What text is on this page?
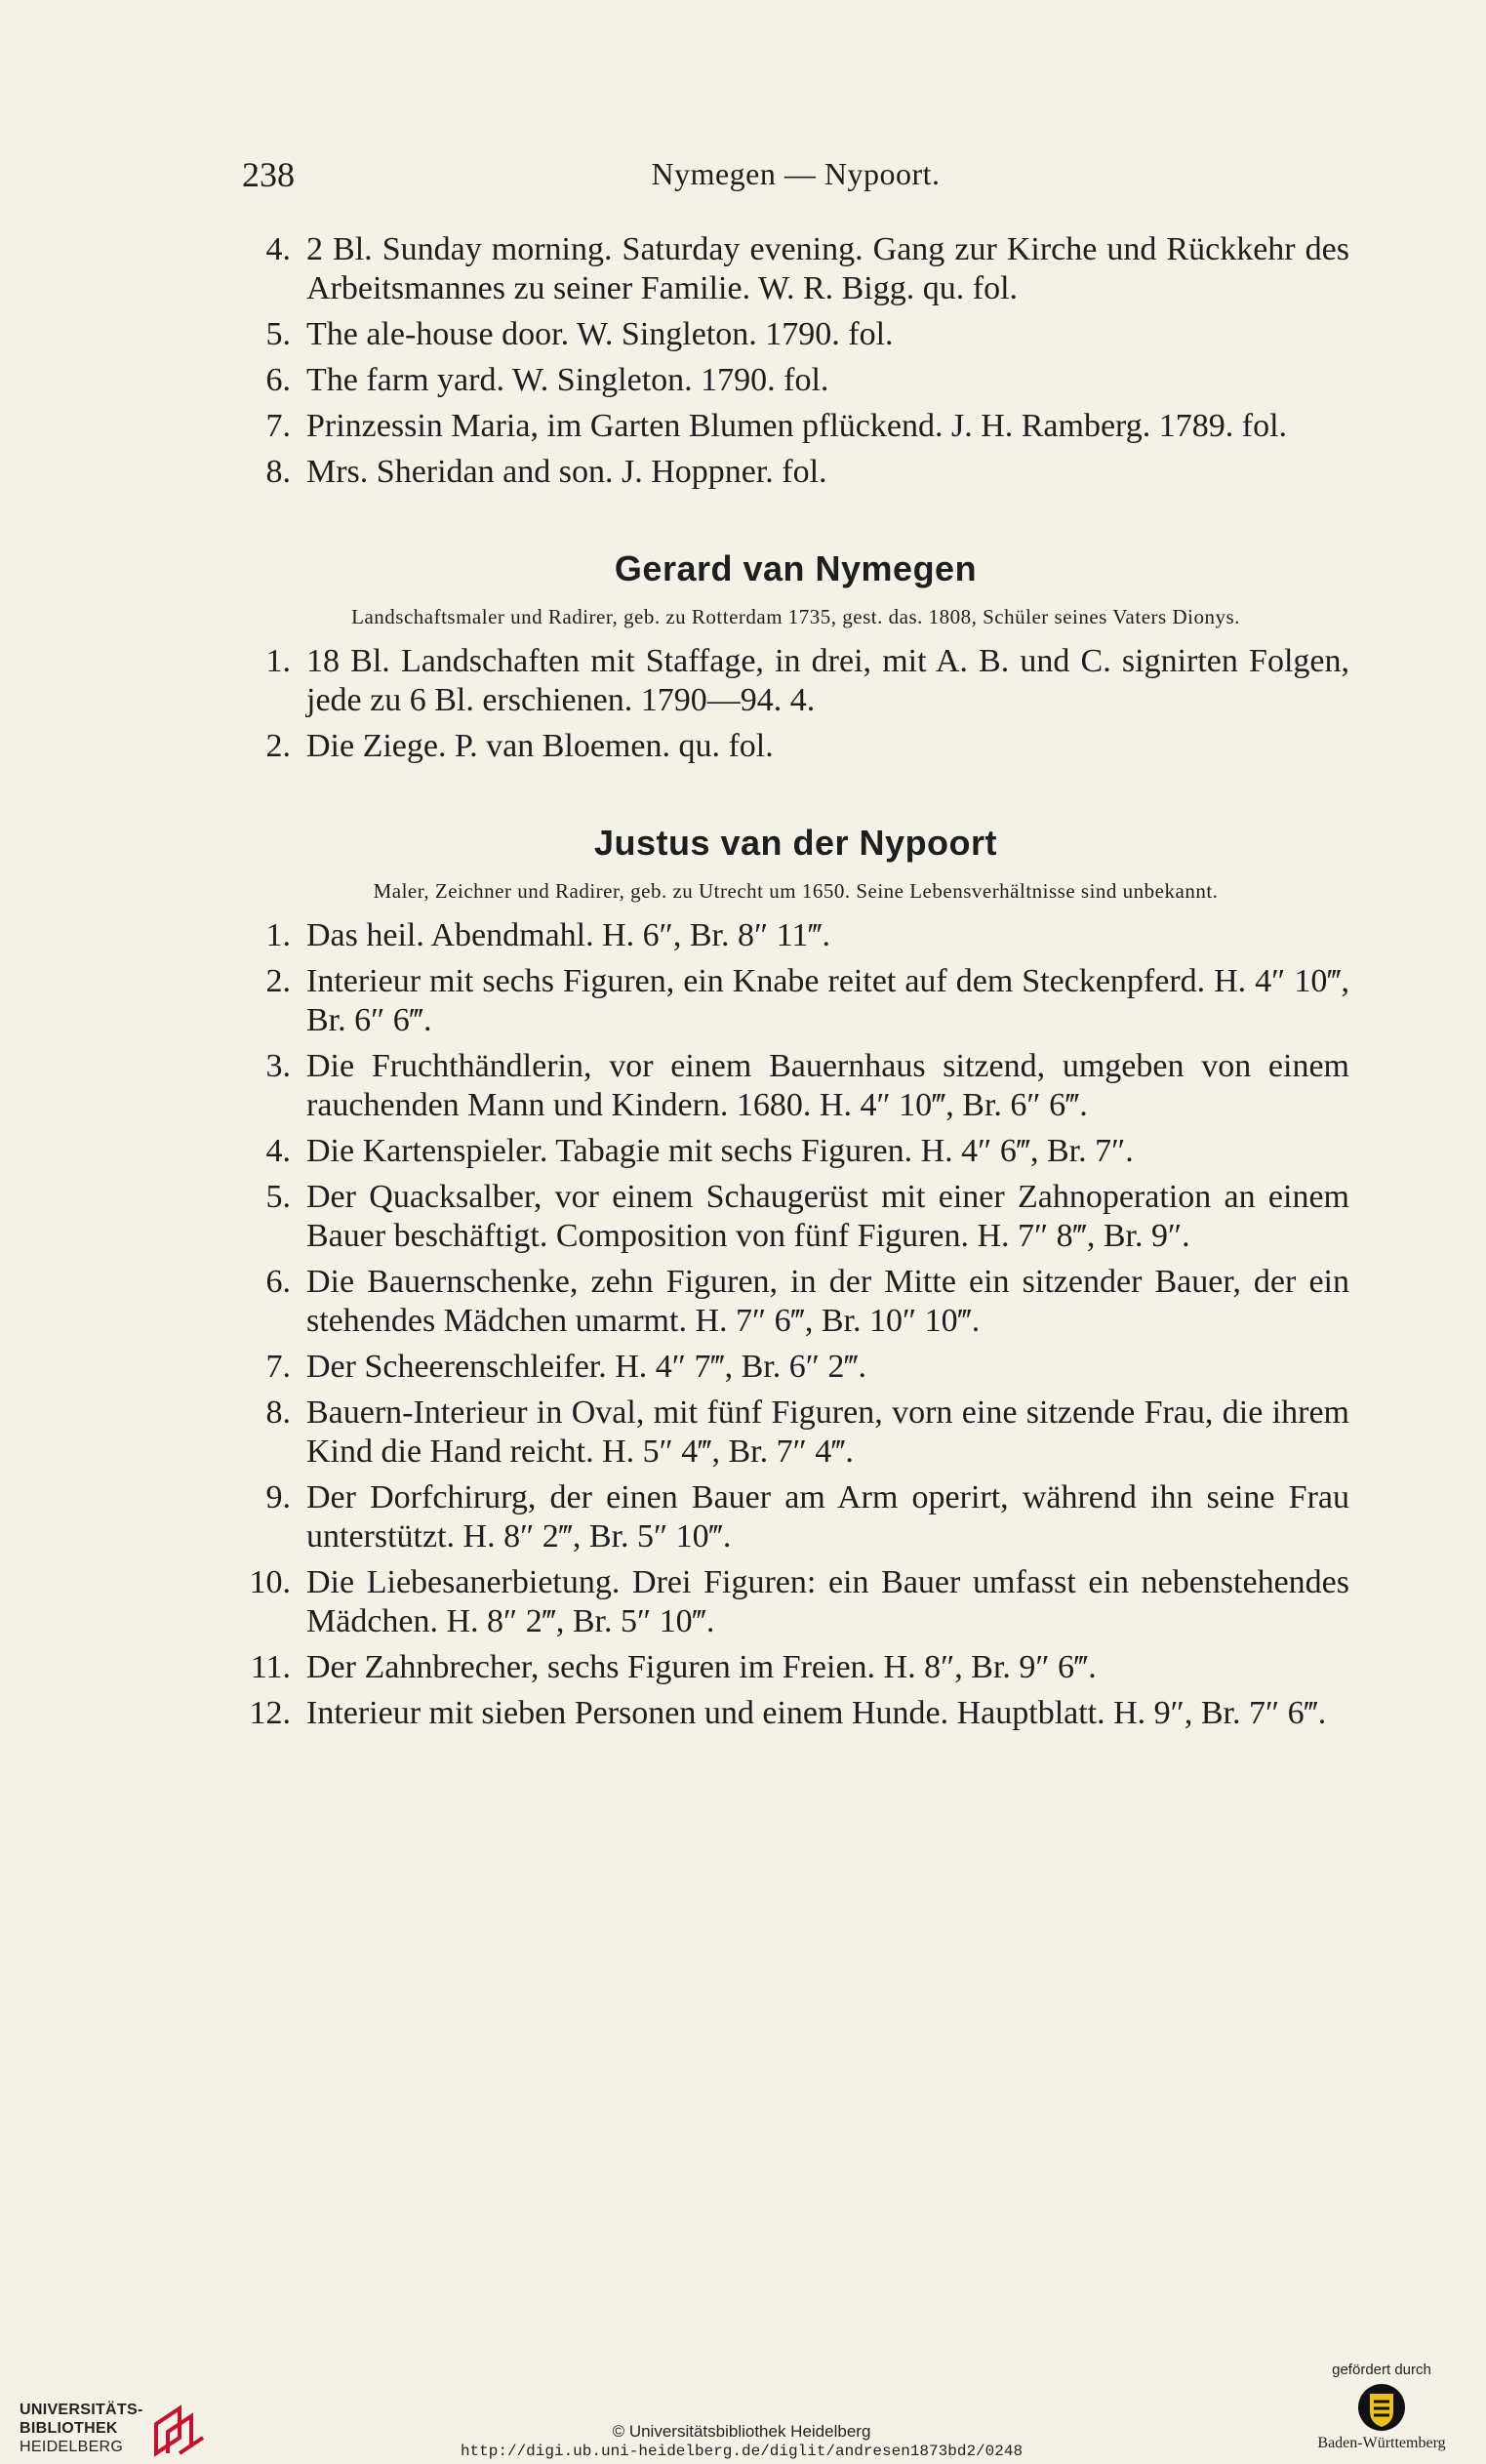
238	Nymegen — Nypoort.
4. 2 Bl. Sunday morning. Saturday evening. Gang zur Kirche und Rückkehr des Arbeitsmannes zu seiner Familie. W. R. Bigg. qu. fol.
5. The ale-house door. W. Singleton. 1790. fol.
6. The farm yard. W. Singleton. 1790. fol.
7. Prinzessin Maria, im Garten Blumen pflückend. J. H. Ramberg. 1789. fol.
8. Mrs. Sheridan and son. J. Hoppner. fol.
Gerard van Nymegen
Landschaftsmaler und Radirer, geb. zu Rotterdam 1735, gest. das. 1808, Schüler seines Vaters Dionys.
1. 18 Bl. Landschaften mit Staffage, in drei, mit A. B. und C. signirten Folgen, jede zu 6 Bl. erschienen. 1790—94. 4.
2. Die Ziege. P. van Bloemen. qu. fol.
Justus van der Nypoort
Maler, Zeichner und Radirer, geb. zu Utrecht um 1650. Seine Lebensverhältnisse sind unbekannt.
1. Das heil. Abendmahl. H. 6″, Br. 8″ 11‴.
2. Interieur mit sechs Figuren, ein Knabe reitet auf dem Steckenpferd. H. 4″ 10‴, Br. 6″ 6‴.
3. Die Fruchthändlerin, vor einem Bauernhaus sitzend, umgeben von einem rauchenden Mann und Kindern. 1680. H. 4″ 10‴, Br. 6″ 6‴.
4. Die Kartenspieler. Tabagie mit sechs Figuren. H. 4″ 6‴, Br. 7″.
5. Der Quacksalber, vor einem Schaugerüst mit einer Zahnoperation an einem Bauer beschäftigt. Composition von fünf Figuren. H. 7″ 8‴, Br. 9″.
6. Die Bauernschenke, zehn Figuren, in der Mitte ein sitzender Bauer, der ein stehendes Mädchen umarmt. H. 7″ 6‴, Br. 10″ 10‴.
7. Der Scheerenschleifer. H. 4″ 7‴, Br. 6″ 2‴.
8. Bauern-Interieur in Oval, mit fünf Figuren, vorn eine sitzende Frau, die ihrem Kind die Hand reicht. H. 5″ 4‴, Br. 7″ 4‴.
9. Der Dorfchirurg, der einen Bauer am Arm operirt, während ihn seine Frau unterstützt. H. 8″ 2‴, Br. 5″ 10‴.
10. Die Liebesanerbietung. Drei Figuren: ein Bauer umfasst ein nebenstehendes Mädchen. H. 8″ 2‴, Br. 5″ 10‴.
11. Der Zahnbrecher, sechs Figuren im Freien. H. 8″, Br. 9″ 6‴.
12. Interieur mit sieben Personen und einem Hunde. Hauptblatt. H. 9″, Br. 7″ 6‴.
UNIVERSITÄTS-
BIBLIOTHEK
HEIDELBERG
© Universitätsbibliothek Heidelberg
http://digi.ub.uni-heidelberg.de/diglit/andresen1873bd2/0248
gefördert durch
Baden-Württemberg
